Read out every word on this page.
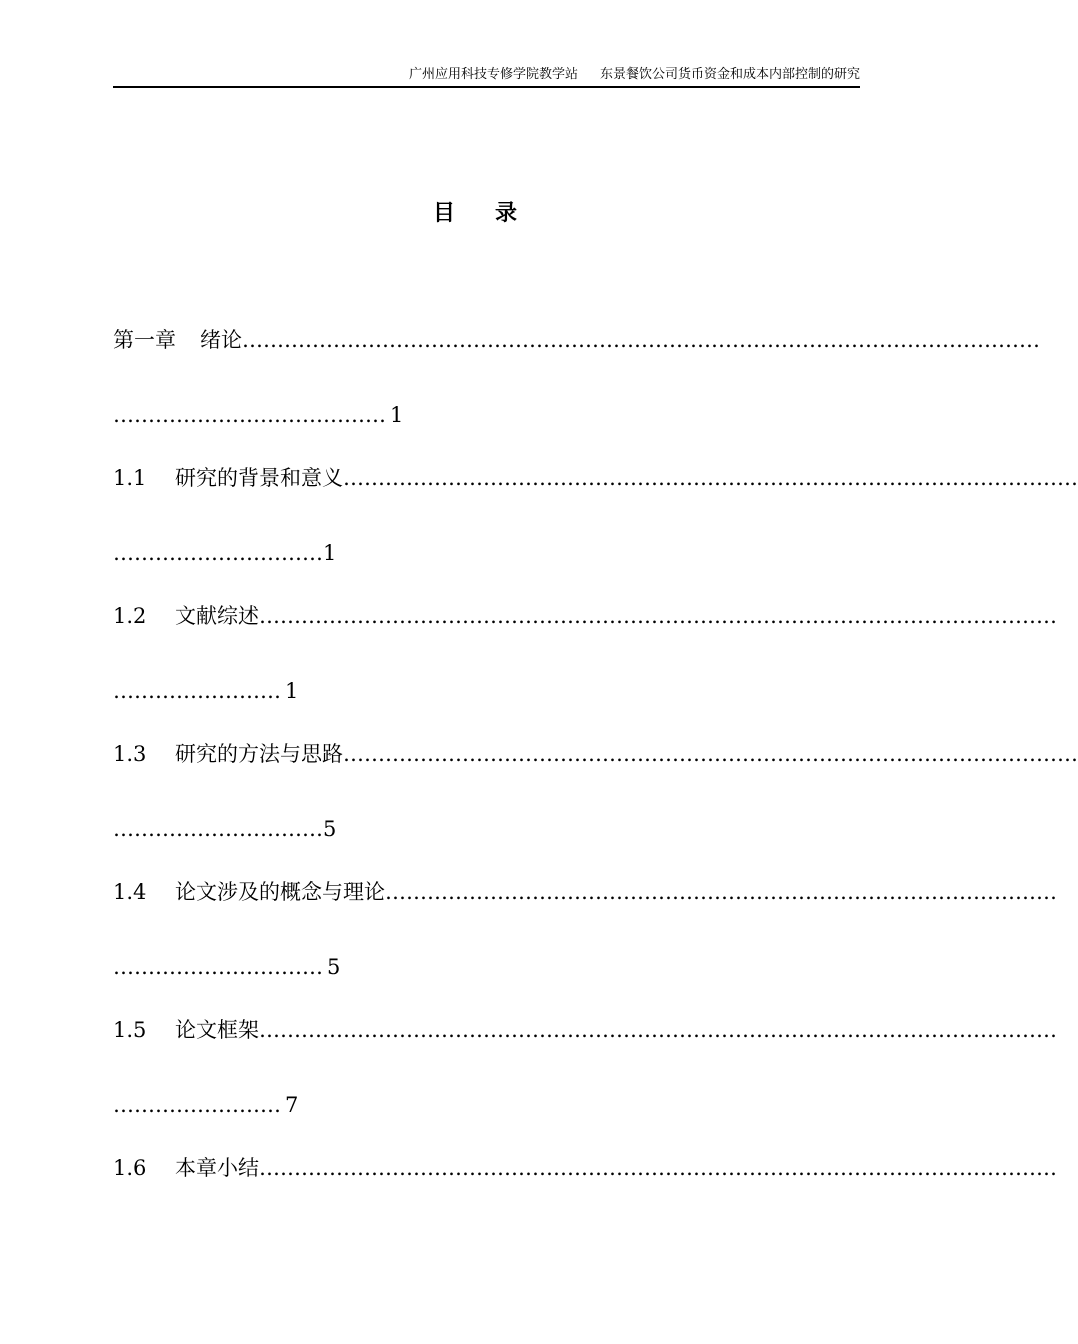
广州应用科技专修学院教学站 东景餐饮公司货币资金和成本内部控制的研究
目 录
第一章 绪论……………………………………………………………………………………………………
………………………………… 1
1.1 研究的背景和意义……………………………………………………………………………………………
…………………………1
1.2 文献综述……………………………………………………………………………………………………
…………………… 1
1.3 研究的方法与思路……………………………………………………………………………………………
…………………………5
1.4 论文涉及的概念与理论……………………………………………………………………………………
………………………… 5
1.5 论文框架……………………………………………………………………………………………………
…………………… 7
1.6 本章小结……………………………………………………………………………………………………
